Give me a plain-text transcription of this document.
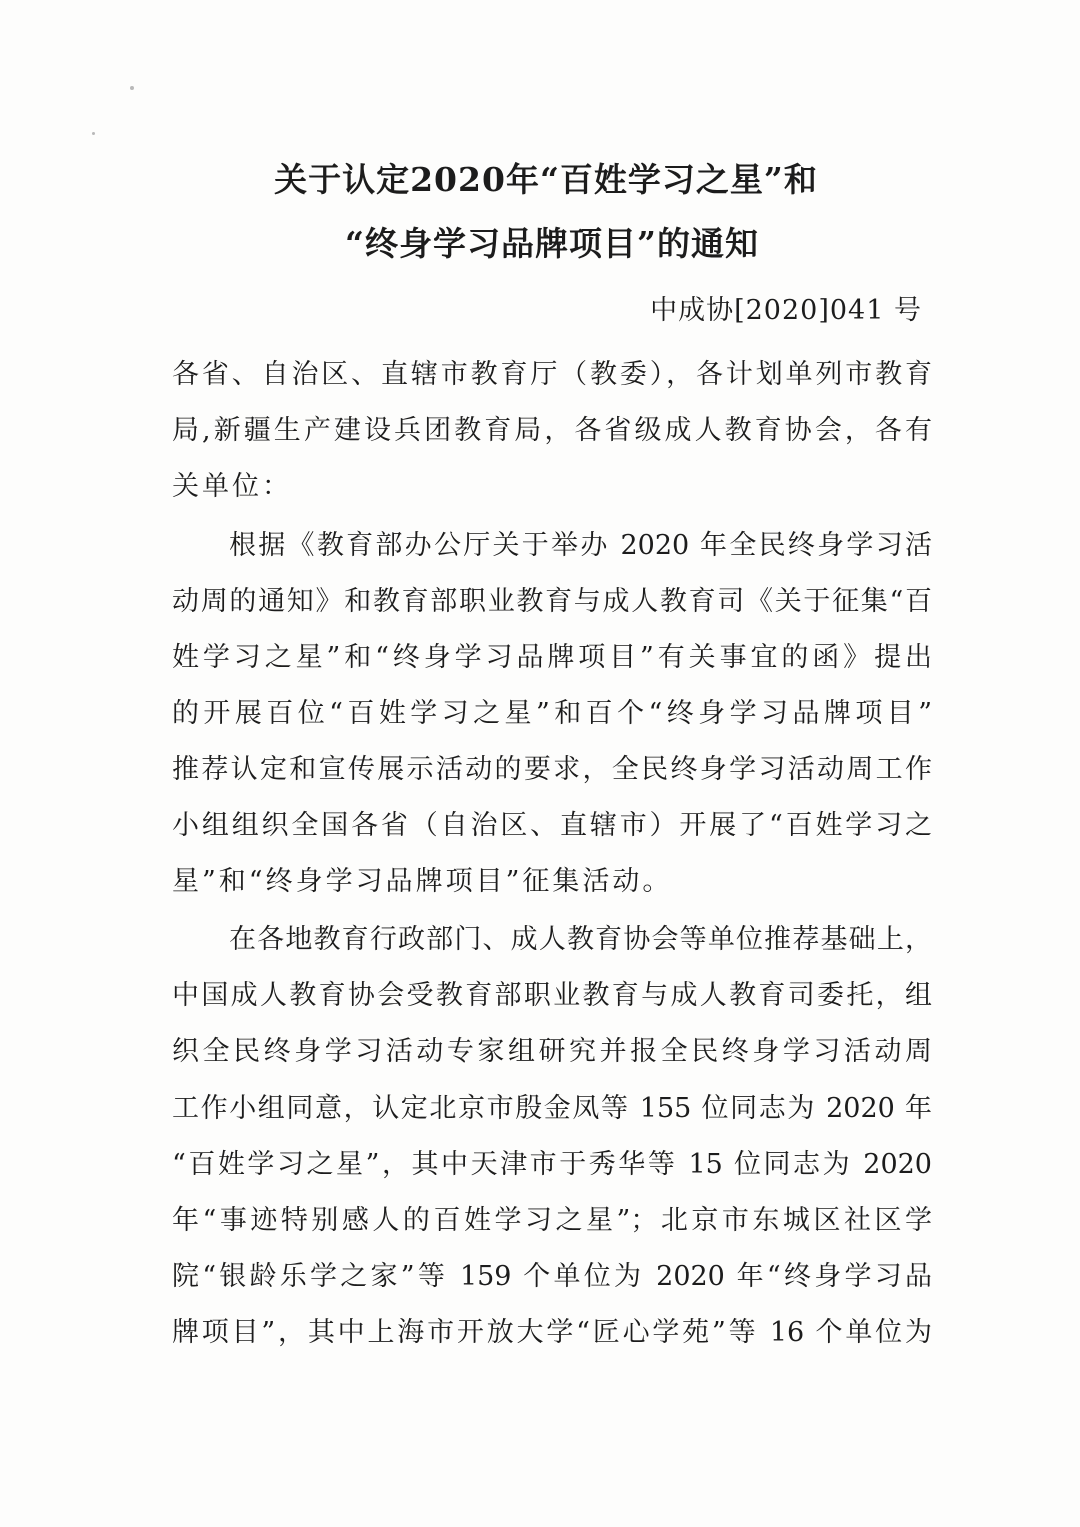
关于认定2020年“百姓学习之星”和
“终身学习品牌项目”的通知
中成协[2020]041 号
各省、自治区、直辖市教育厅（教委），各计划单列市教育
局,新疆生产建设兵团教育局，各省级成人教育协会，各有
关单位：
根据《教育部办公厅关于举办 2020 年全民终身学习活
动周的通知》和教育部职业教育与成人教育司《关于征集“百
姓学习之星”和“终身学习品牌项目”有关事宜的函》提出
的开展百位“百姓学习之星”和百个“终身学习品牌项目”
推荐认定和宣传展示活动的要求，全民终身学习活动周工作
小组组织全国各省（自治区、直辖市）开展了“百姓学习之
星”和“终身学习品牌项目”征集活动。
在各地教育行政部门、成人教育协会等单位推荐基础上，
中国成人教育协会受教育部职业教育与成人教育司委托，组
织全民终身学习活动专家组研究并报全民终身学习活动周
工作小组同意，认定北京市殷金凤等 155 位同志为 2020 年
“百姓学习之星”，其中天津市于秀华等 15 位同志为 2020
年“事迹特别感人的百姓学习之星”；北京市东城区社区学
院“银龄乐学之家”等 159 个单位为 2020 年“终身学习品
牌项目”，其中上海市开放大学“匠心学苑”等 16 个单位为
